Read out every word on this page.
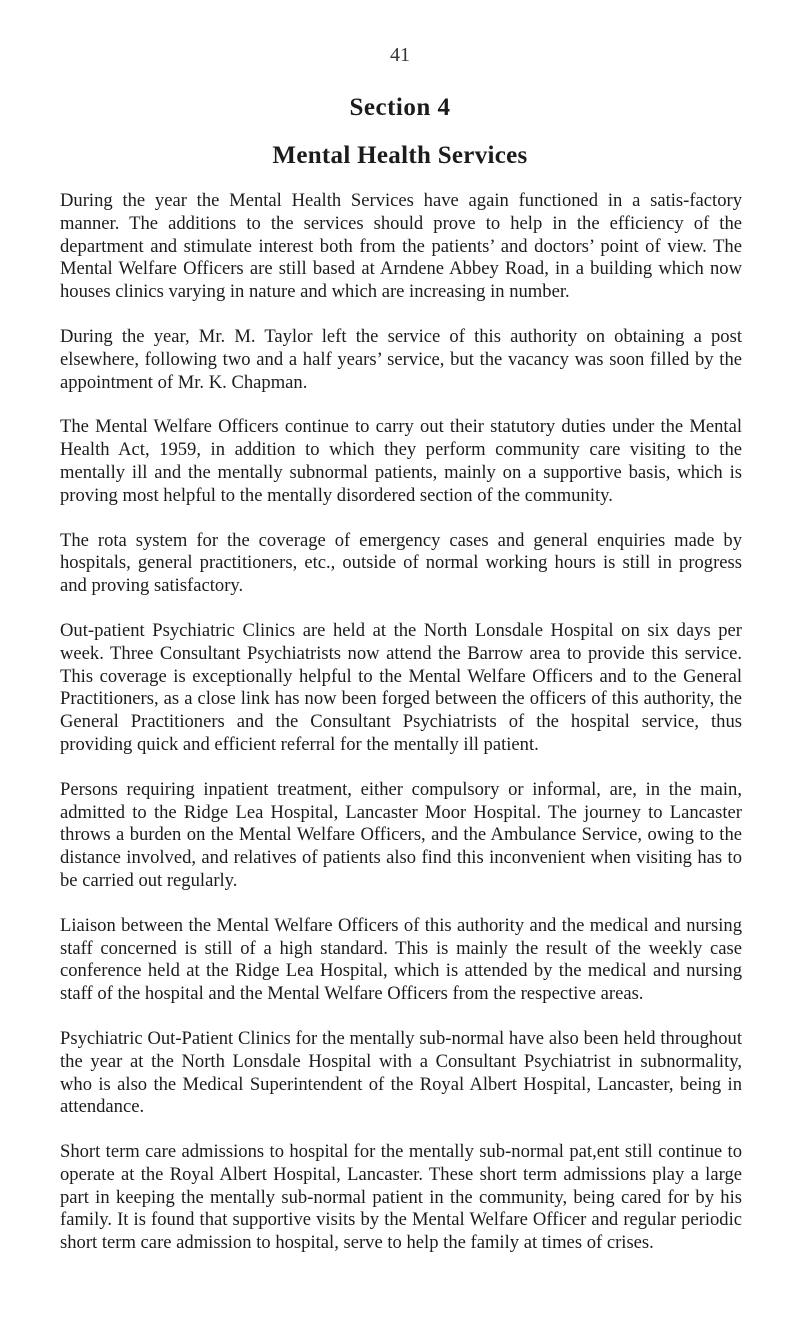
41
Section 4
Mental Health Services

During the year the Mental Health Services have again functioned in a satis-factory manner. The additions to the services should prove to help in the efficiency of the department and stimulate interest both from the patients’ and doctors’ point of view. The Mental Welfare Officers are still based at Arndene Abbey Road, in a building which now houses clinics varying in nature and which are increasing in number.

During the year, Mr. M. Taylor left the service of this authority on obtaining a post elsewhere, following two and a half years’ service, but the vacancy was soon filled by the appointment of Mr. K. Chapman.

The Mental Welfare Officers continue to carry out their statutory duties under the Mental Health Act, 1959, in addition to which they perform community care visiting to the mentally ill and the mentally subnormal patients, mainly on a supportive basis, which is proving most helpful to the mentally disordered section of the community.

The rota system for the coverage of emergency cases and general enquiries made by hospitals, general practitioners, etc., outside of normal working hours is still in progress and proving satisfactory.

Out-patient Psychiatric Clinics are held at the North Lonsdale Hospital on six days per week. Three Consultant Psychiatrists now attend the Barrow area to provide this service. This coverage is exceptionally helpful to the Mental Welfare Officers and to the General Practitioners, as a close link has now been forged between the officers of this authority, the General Practitioners and the Consultant Psychiatrists of the hospital service, thus providing quick and efficient referral for the mentally ill patient.

Persons requiring inpatient treatment, either compulsory or informal, are, in the main, admitted to the Ridge Lea Hospital, Lancaster Moor Hospital. The journey to Lancaster throws a burden on the Mental Welfare Officers, and the Ambulance Service, owing to the distance involved, and relatives of patients also find this inconvenient when visiting has to be carried out regularly.

Liaison between the Mental Welfare Officers of this authority and the medical and nursing staff concerned is still of a high standard. This is mainly the result of the weekly case conference held at the Ridge Lea Hospital, which is attended by the medical and nursing staff of the hospital and the Mental Welfare Officers from the respective areas.

Psychiatric Out-Patient Clinics for the mentally sub-normal have also been held throughout the year at the North Lonsdale Hospital with a Consultant Psychiatrist in subnormality, who is also the Medical Superintendent of the Royal Albert Hospital, Lancaster, being in attendance.

Short term care admissions to hospital for the mentally sub-normal pat,ent still continue to operate at the Royal Albert Hospital, Lancaster. These short term admissions play a large part in keeping the mentally sub-normal patient in the community, being cared for by his family. It is found that supportive visits by the Mental Welfare Officer and regular periodic short term care admission to hospital, serve to help the family at times of crises.
